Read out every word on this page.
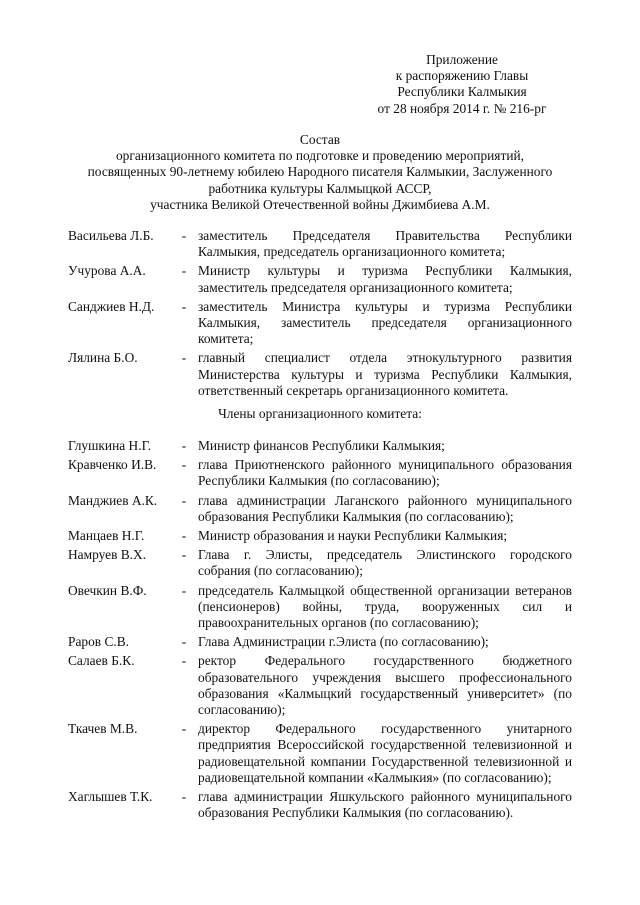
Приложение
к распоряжению Главы
Республики Калмыкия
от 28 ноября 2014 г. № 216-рг
Состав
организационного комитета по подготовке и проведению мероприятий,
посвященных 90-летнему юбилею Народного писателя Калмыкии, Заслуженного
работника культуры Калмыцкой АССР,
участника Великой Отечественной войны Джимбиева А.М.
Васильева Л.Б.	- заместитель Председателя Правительства Республики Калмыкия, председатель организационного комитета;
Учурова А.А.	- Министр культуры и туризма Республики Калмыкия, заместитель председателя организационного комитета;
Санджиев Н.Д.	- заместитель Министра культуры и туризма Республики Калмыкия, заместитель председателя организационного комитета;
Лялина Б.О.	- главный специалист отдела этнокультурного развития Министерства культуры и туризма Республики Калмыкия, ответственный секретарь организационного комитета.
Члены организационного комитета:
Глушкина Н.Г.	- Министр финансов Республики Калмыкия;
Кравченко И.В.	- глава Приютненского районного муниципального образования Республики Калмыкия (по согласованию);
Манджиев А.К.	- глава администрации Лаганского районного муниципального образования Республики Калмыкия (по согласованию);
Манцаев Н.Г.	- Министр образования и науки Республики Калмыкия;
Намруев В.Х.	- Глава г. Элисты, председатель Элистинского городского собрания (по согласованию);
Овечкин В.Ф.	- председатель Калмыцкой общественной организации ветеранов (пенсионеров) войны, труда, вооруженных сил и правоохранительных органов (по согласованию);
Раров С.В.	- Глава Администрации г.Элиста (по согласованию);
Салаев Б.К.	- ректор Федерального государственного бюджетного образовательного учреждения высшего профессионального образования «Калмыцкий государственный университет» (по согласованию);
Ткачев М.В.	- директор Федерального государственного унитарного предприятия Всероссийской государственной телевизионной и радиовещательной компании Государственной телевизионной и радиовещательной компании «Калмыкия» (по согласованию);
Хаглышев Т.К.	- глава администрации Яшкульского районного муниципального образования Республики Калмыкия (по согласованию).
